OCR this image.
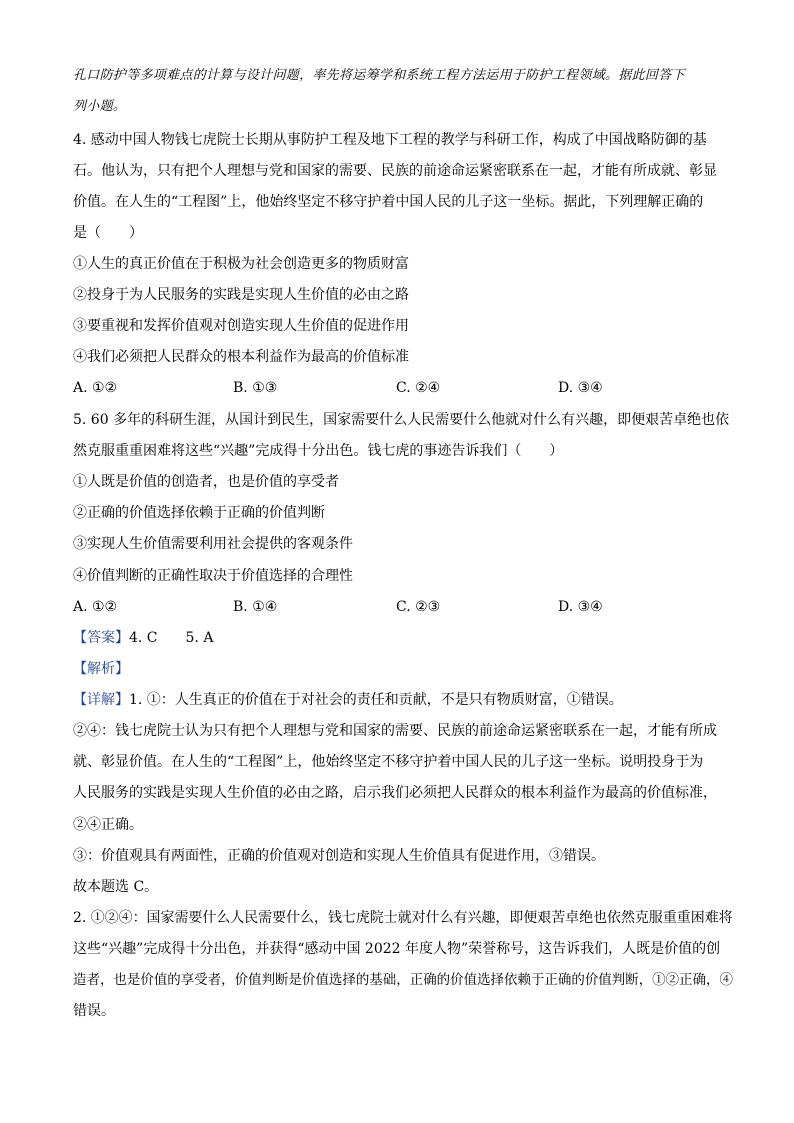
孔口防护等多项难点的计算与设计问题，率先将运筹学和系统工程方法运用于防护工程领域。据此回答下
列小题。
4. 感动中国人物钱七虎院士长期从事防护工程及地下工程的教学与科研工作，构成了中国战略防御的基
石。他认为，只有把个人理想与党和国家的需要、民族的前途命运紧密联系在一起，才能有所成就、彰显
价值。在人生的“工程图”上，他始终坚定不移守护着中国人民的儿子这一坐标。据此，下列理解正确的
是（　　）
①人生的真正价值在于积极为社会创造更多的物质财富
②投身于为人民服务的实践是实现人生价值的必由之路
③要重视和发挥价值观对创造实现人生价值的促进作用
④我们必须把人民群众的根本利益作为最高的价值标准
A. ①②	B. ①③	C. ②④	D. ③④
5. 60 多年的科研生涯，从国计到民生，国家需要什么人民需要什么他就对什么有兴趣，即便艰苦卓绝也依
然克服重重困难将这些“兴趣”完成得十分出色。钱七虎的事迹告诉我们（　　）
①人既是价值的创造者，也是价值的享受者
②正确的价值选择依赖于正确的价值判断
③实现人生价值需要利用社会提供的客观条件
④价值判断的正确性取决于价值选择的合理性
A. ①②	B. ①④	C. ②③	D. ③④
【答案】4. C　　5. A
【解析】
【详解】1. ①：人生真正的价值在于对社会的责任和贡献，不是只有物质财富，①错误。
②④：钱七虎院士认为只有把个人理想与党和国家的需要、民族的前途命运紧密联系在一起，才能有所成
就、彰显价值。在人生的“工程图”上，他始终坚定不移守护着中国人民的儿子这一坐标。说明投身于为
人民服务的实践是实现人生价值的必由之路，启示我们必须把人民群众的根本利益作为最高的价值标准，
②④正确。
③：价值观具有两面性，正确的价值观对创造和实现人生价值具有促进作用，③错误。
故本题选 C。
2. ①②④：国家需要什么人民需要什么，钱七虎院士就对什么有兴趣，即便艰苦卓绝也依然克服重重困难将
这些“兴趣”完成得十分出色，并获得“感动中国 2022 年度人物”荣誉称号，这告诉我们，人既是价值的创
造者，也是价值的享受者，价值判断是价值选择的基础，正确的价值选择依赖于正确的价值判断，①②正确，④
错误。
